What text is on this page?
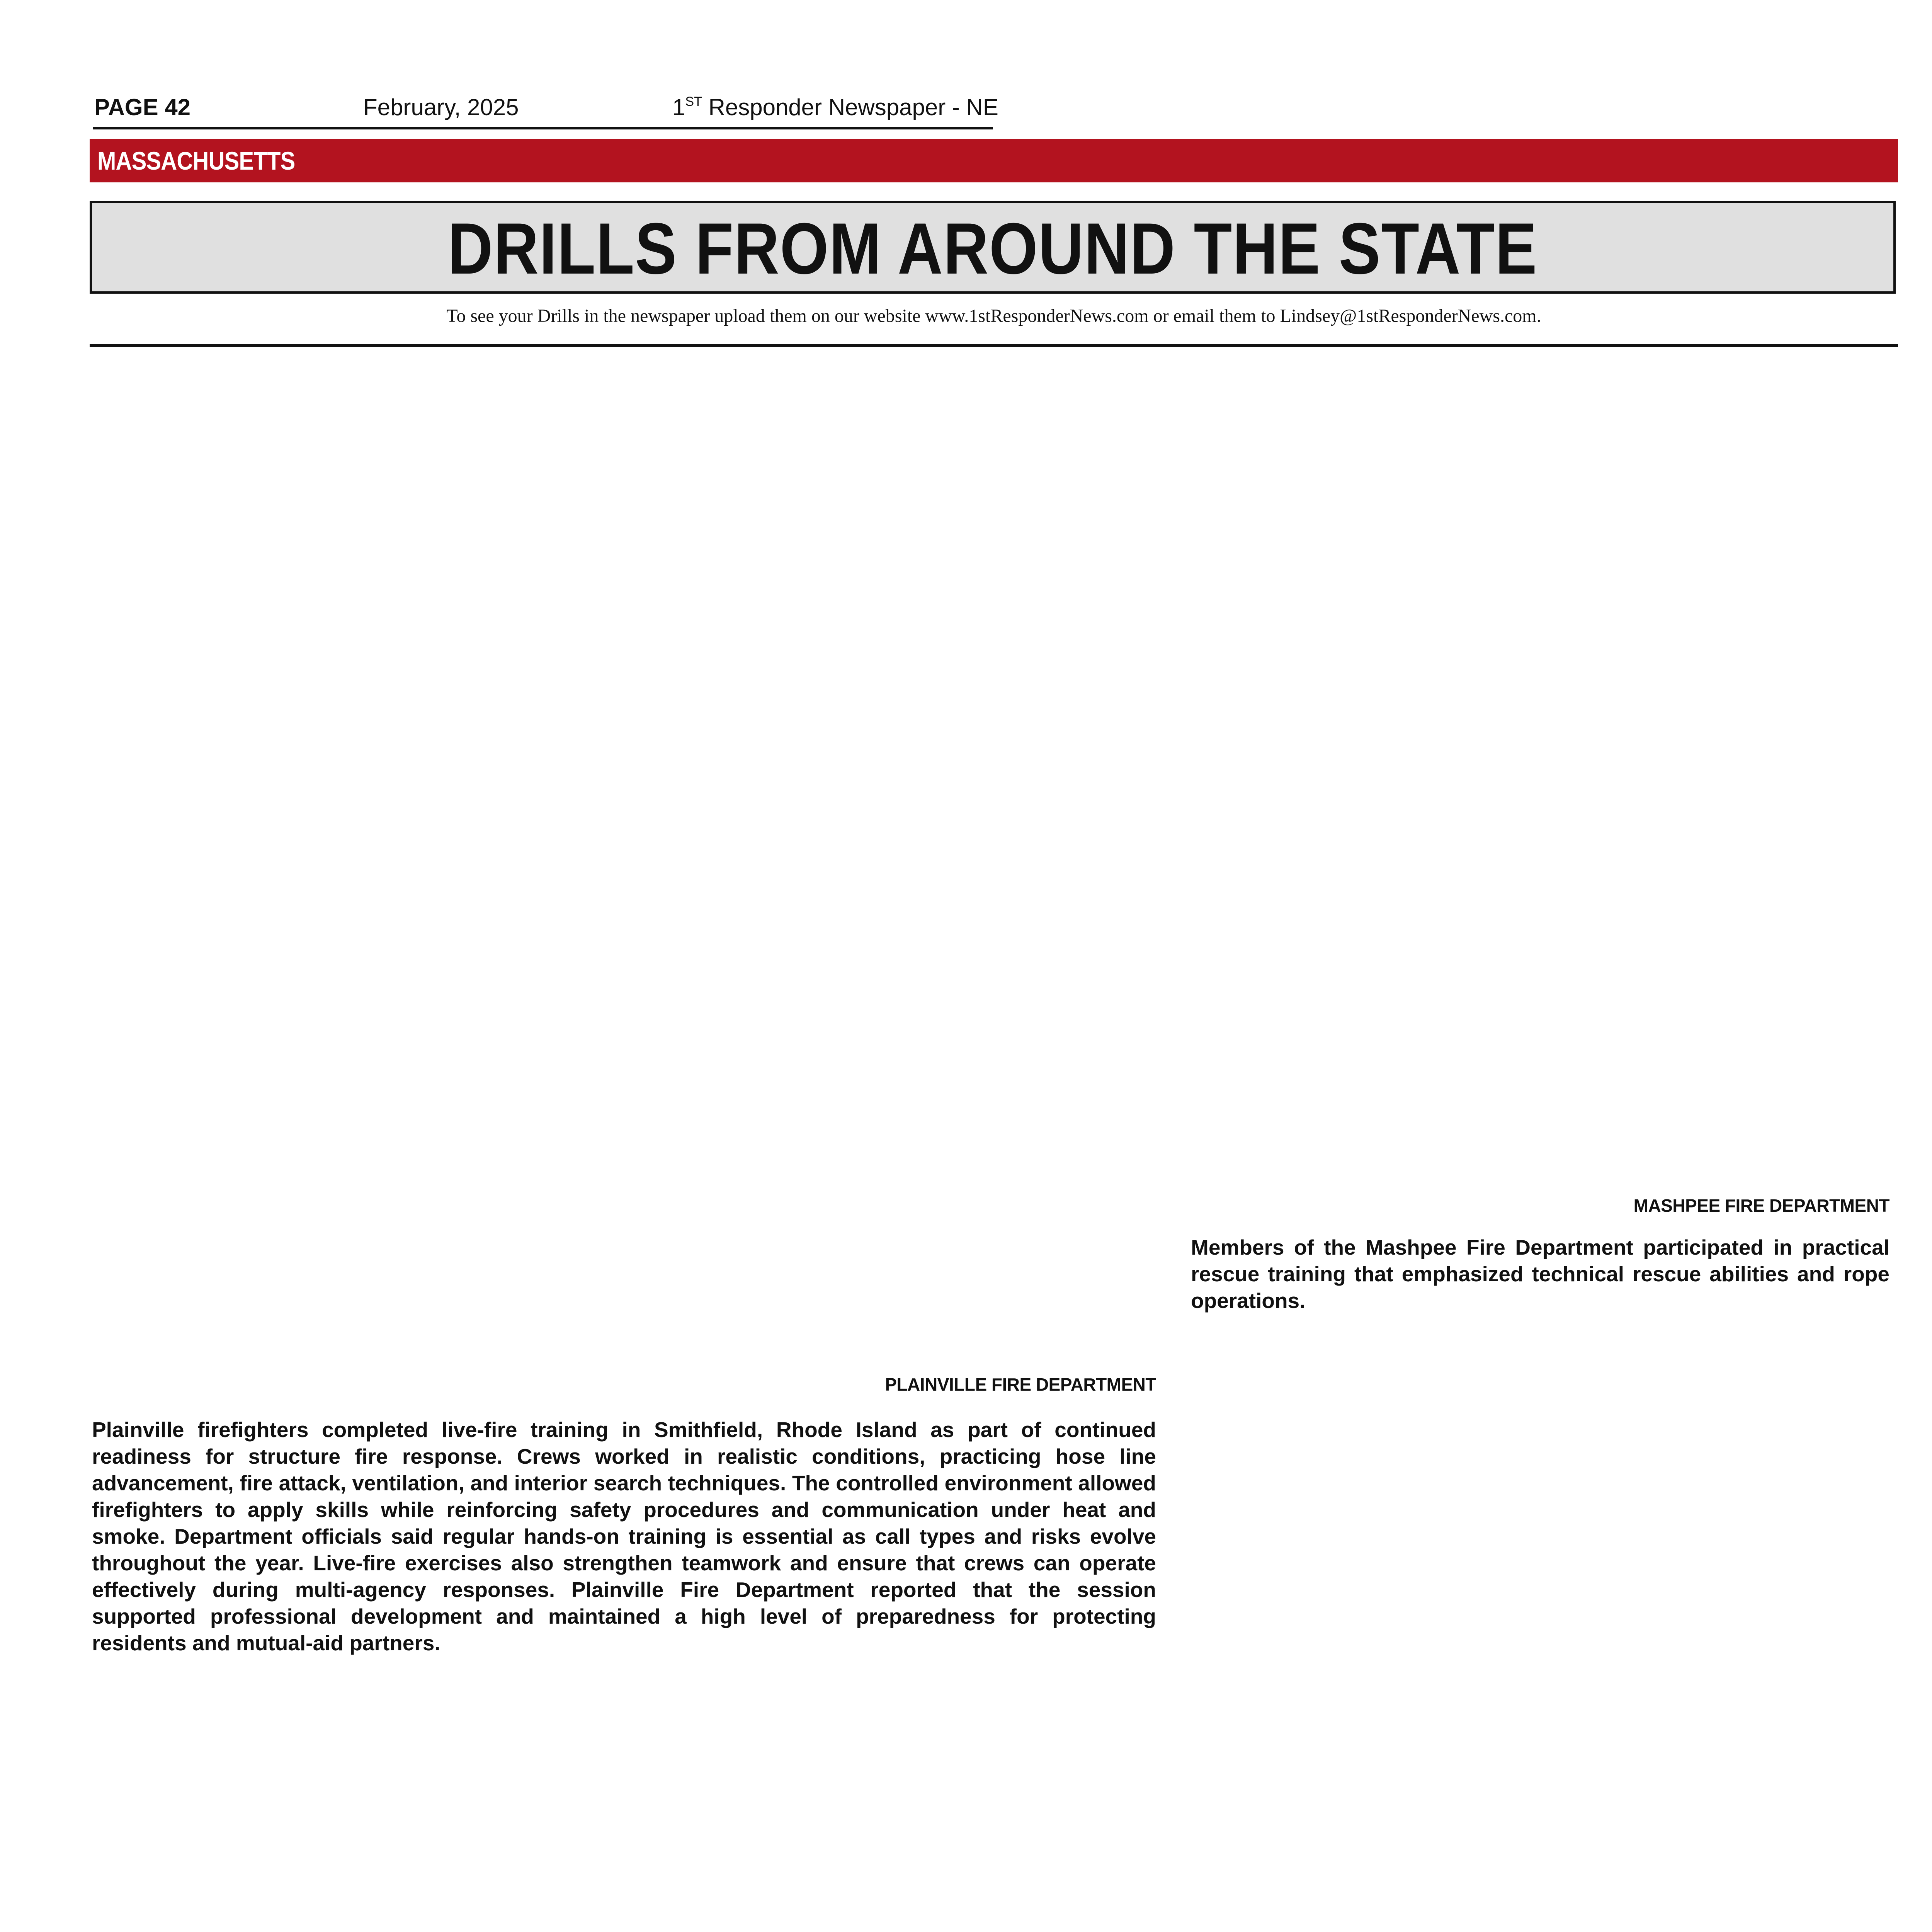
PAGE 42	February, 2025	1ST Responder Newspaper - NE
MASSACHUSETTS
DRILLS FROM AROUND THE STATE
To see your Drills in the newspaper upload them on our website www.1stResponderNews.com or email them to Lindsey@1stResponderNews.com.
MASHPEE FIRE DEPARTMENT

Members of the Mashpee Fire Department participated in practical rescue training that emphasized technical rescue abilities and rope operations.

PLAINVILLE FIRE DEPARTMENT

Plainville firefighters completed live-fire training in Smithfield, Rhode Island as part of continued readiness for structure fire response. Crews worked in realistic conditions, practicing hose line advancement, fire attack, ventilation, and interior search techniques. The controlled environment allowed firefighters to apply skills while reinforcing safety procedures and communication under heat and smoke. Department officials said regular hands-on training is essential as call types and risks evolve throughout the year. Live-fire exercises also strengthen teamwork and ensure that crews can operate effectively during multi-agency responses. Plainville Fire Department reported that the session supported professional development and maintained a high level of preparedness for protecting residents and mutual-aid partners.
